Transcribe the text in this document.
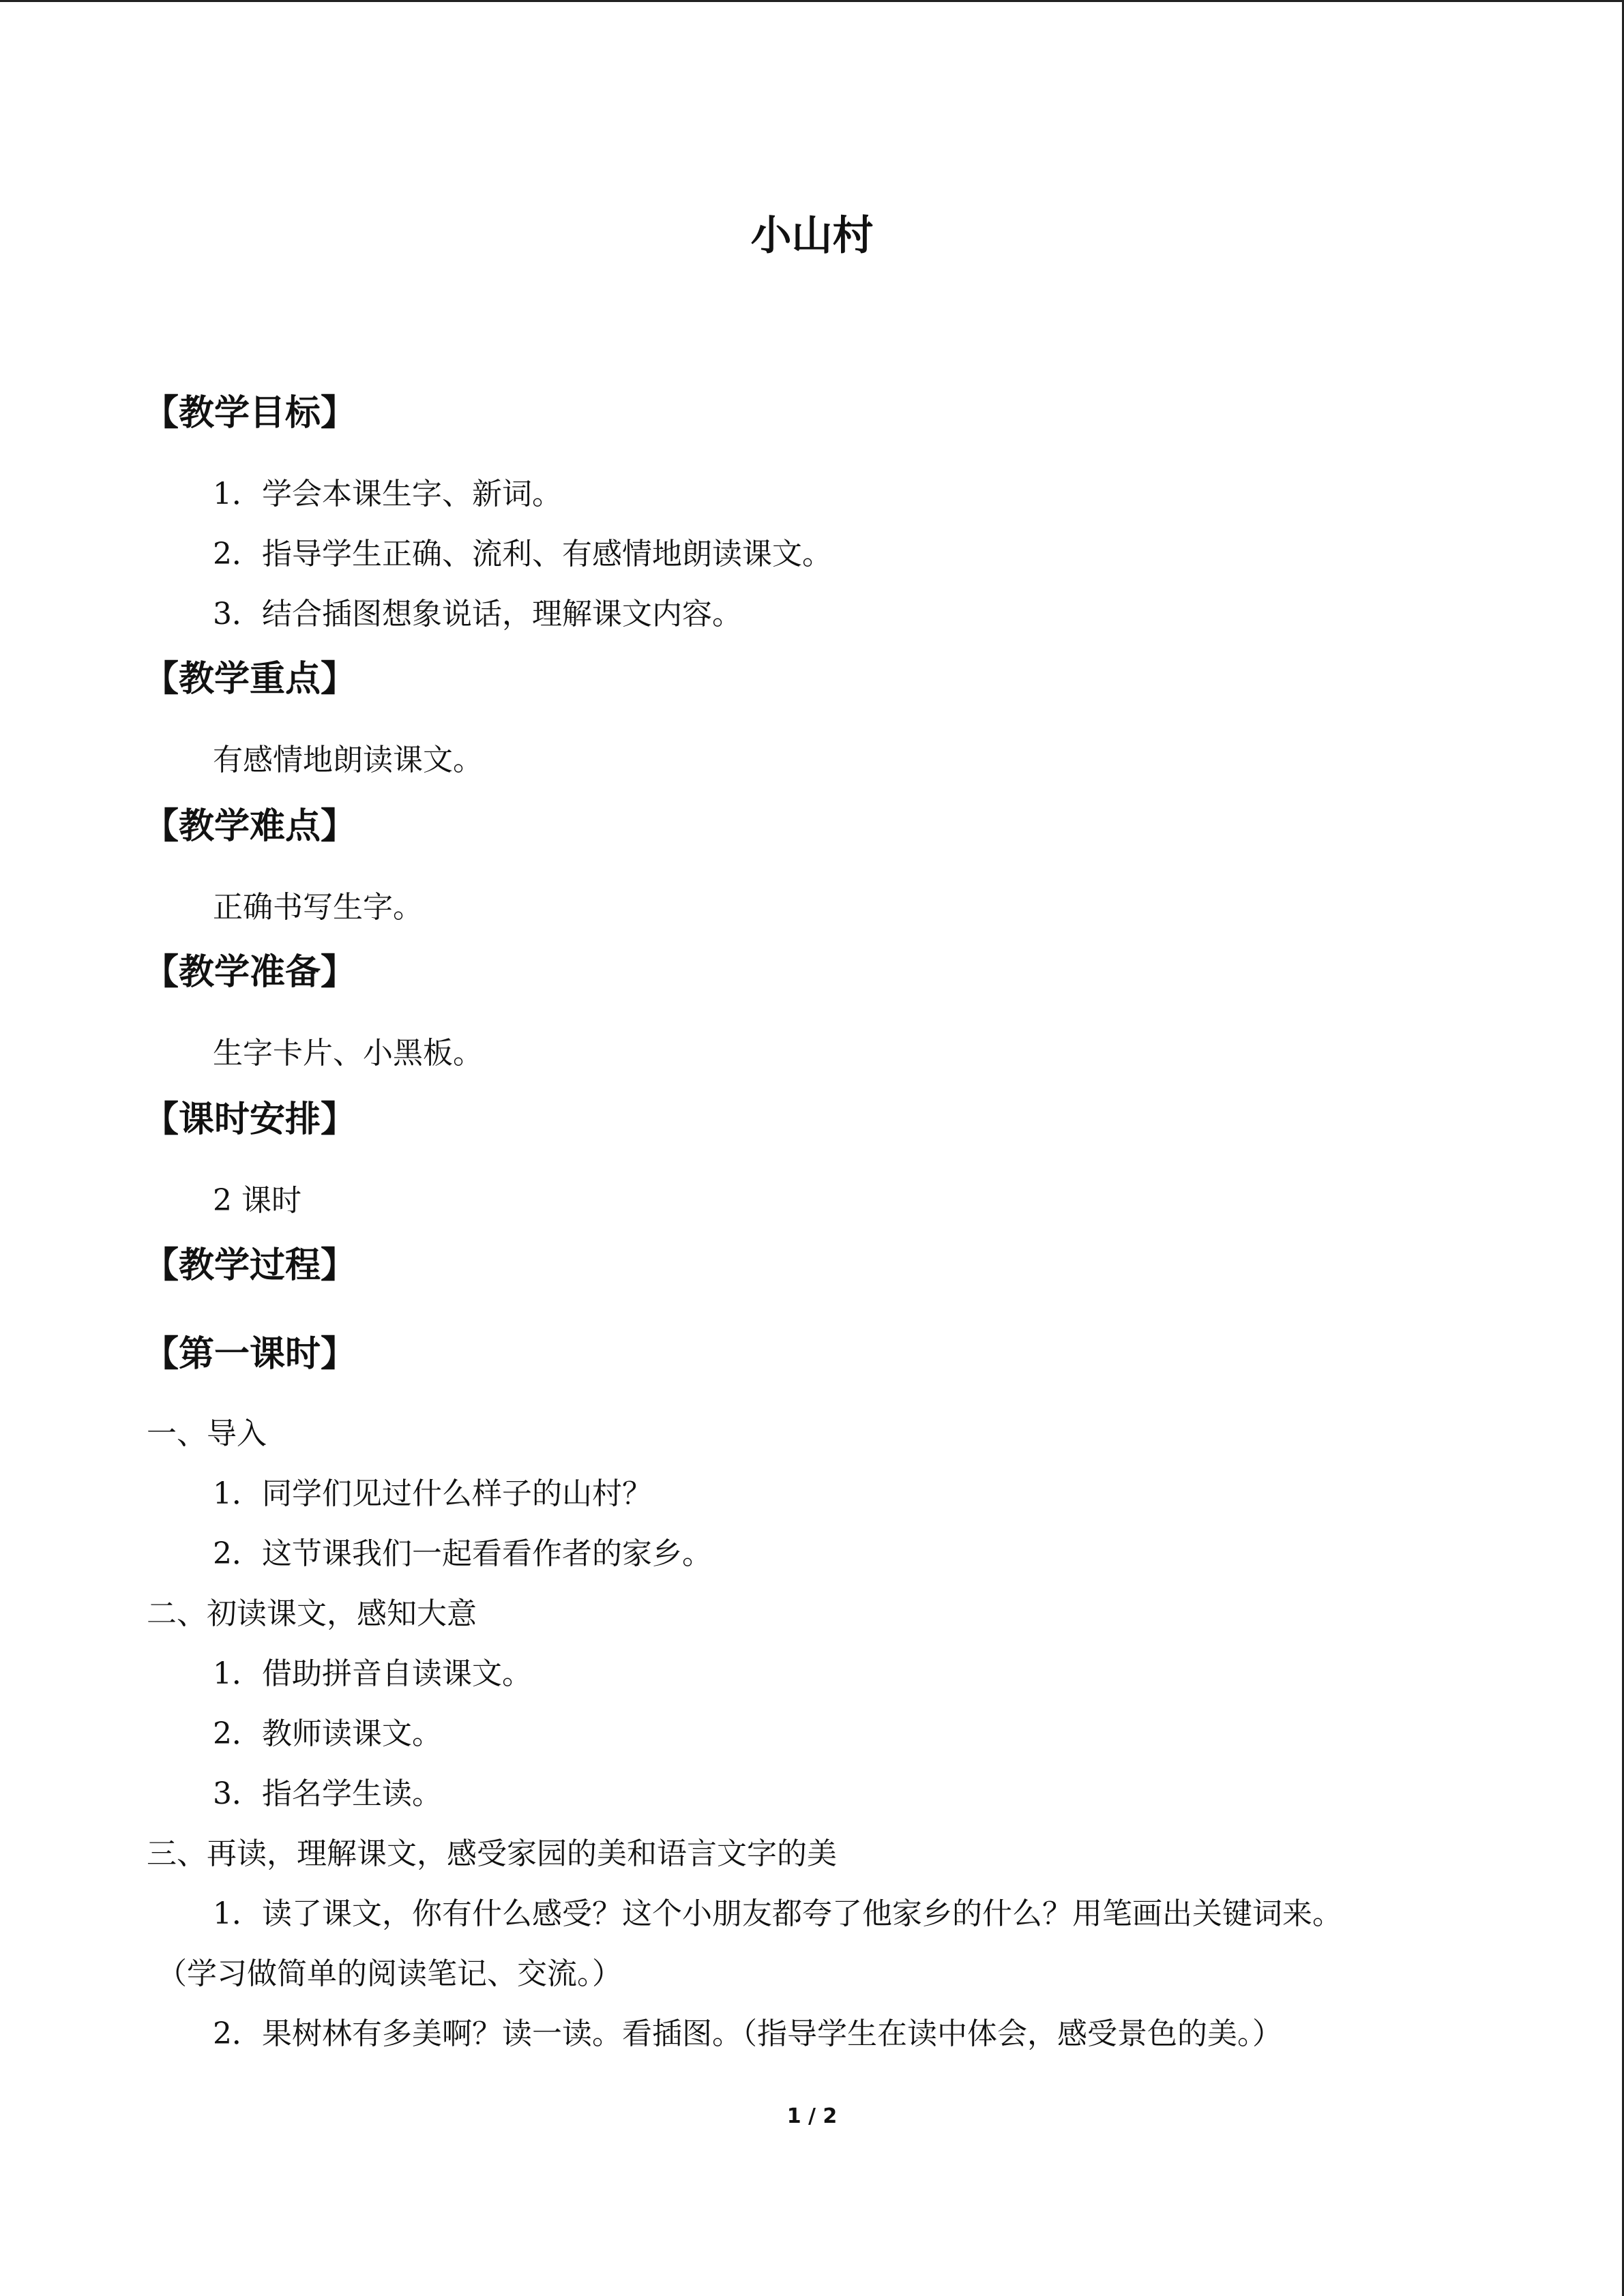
小山村
【教学目标】
1．学会本课生字、新词。
2．指导学生正确、流利、有感情地朗读课文。
3．结合插图想象说话，理解课文内容。
【教学重点】
有感情地朗读课文。
【教学难点】
正确书写生字。
【教学准备】
生字卡片、小黑板。
【课时安排】
2 课时
【教学过程】
【第一课时】
一、导入
1．同学们见过什么样子的山村？
2．这节课我们一起看看作者的家乡。
二、初读课文，感知大意
1．借助拼音自读课文。
2．教师读课文。
3．指名学生读。
三、再读，理解课文，感受家园的美和语言文字的美
1．读了课文，你有什么感受？这个小朋友都夸了他家乡的什么？用笔画出关键词来。
（学习做简单的阅读笔记、交流。）
2．果树林有多美啊？读一读。看插图。（指导学生在读中体会，感受景色的美。）
1 / 2
